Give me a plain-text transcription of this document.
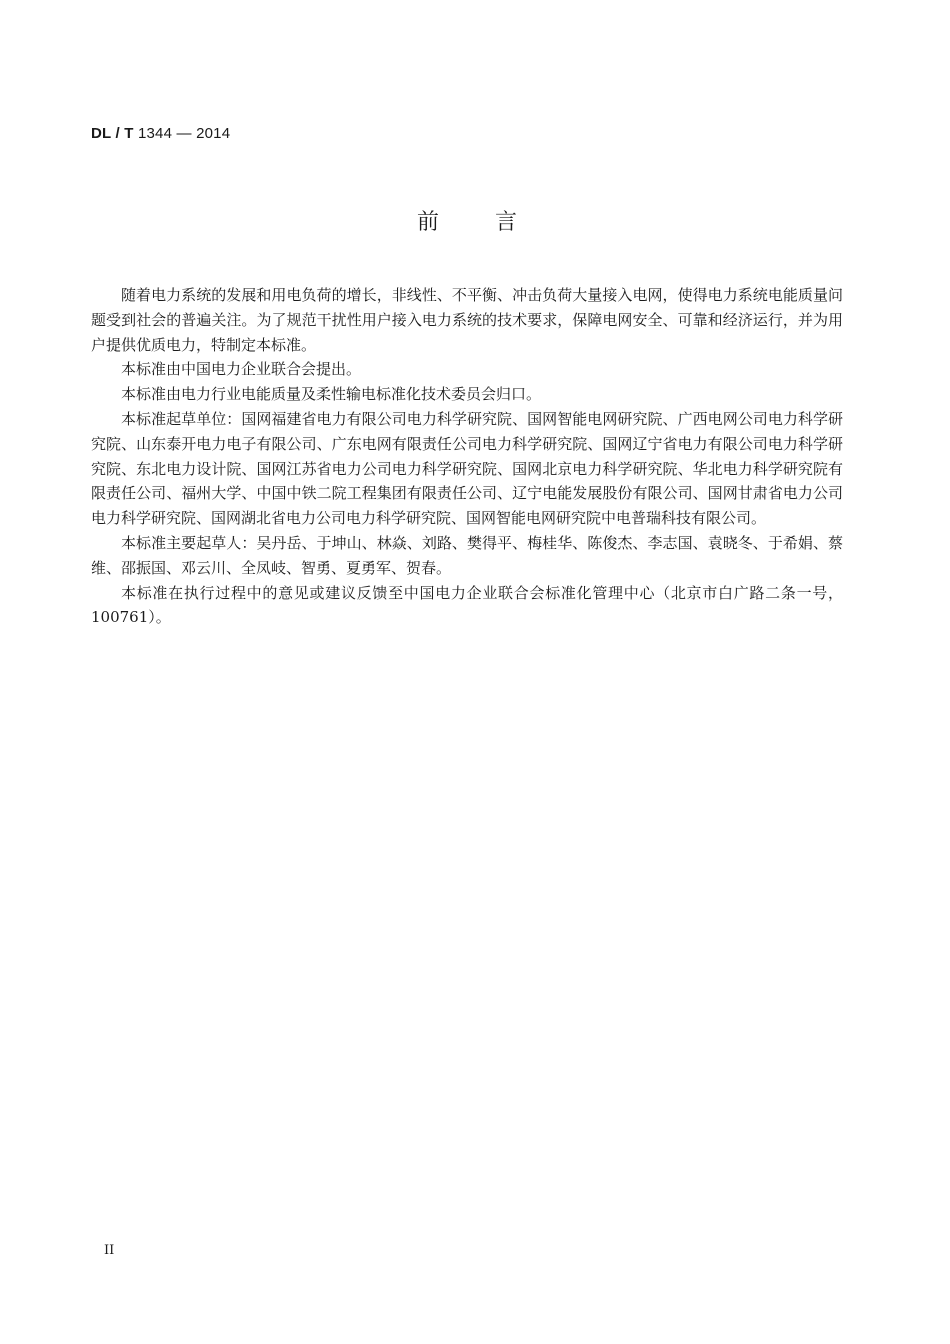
DL / T 1344 — 2014
前言

随着电力系统的发展和用电负荷的增长，非线性、不平衡、冲击负荷大量接入电网，使得电力系统电能质量问题受到社会的普遍关注。为了规范干扰性用户接入电力系统的技术要求，保障电网安全、可靠和经济运行，并为用户提供优质电力，特制定本标准。

本标准由中国电力企业联合会提出。

本标准由电力行业电能质量及柔性输电标准化技术委员会归口。

本标准起草单位：国网福建省电力有限公司电力科学研究院、国网智能电网研究院、广西电网公司电力科学研究院、山东泰开电力电子有限公司、广东电网有限责任公司电力科学研究院、国网辽宁省电力有限公司电力科学研究院、东北电力设计院、国网江苏省电力公司电力科学研究院、国网北京电力科学研究院、华北电力科学研究院有限责任公司、福州大学、中国中铁二院工程集团有限责任公司、辽宁电能发展股份有限公司、国网甘肃省电力公司电力科学研究院、国网湖北省电力公司电力科学研究院、国网智能电网研究院中电普瑞科技有限公司。

本标准主要起草人：吴丹岳、于坤山、林焱、刘路、樊得平、梅桂华、陈俊杰、李志国、袁晓冬、于希娟、蔡维、邵振国、邓云川、全凤岐、智勇、夏勇军、贺春。

本标准在执行过程中的意见或建议反馈至中国电力企业联合会标准化管理中心（北京市白广路二条一号，100761）。

II
